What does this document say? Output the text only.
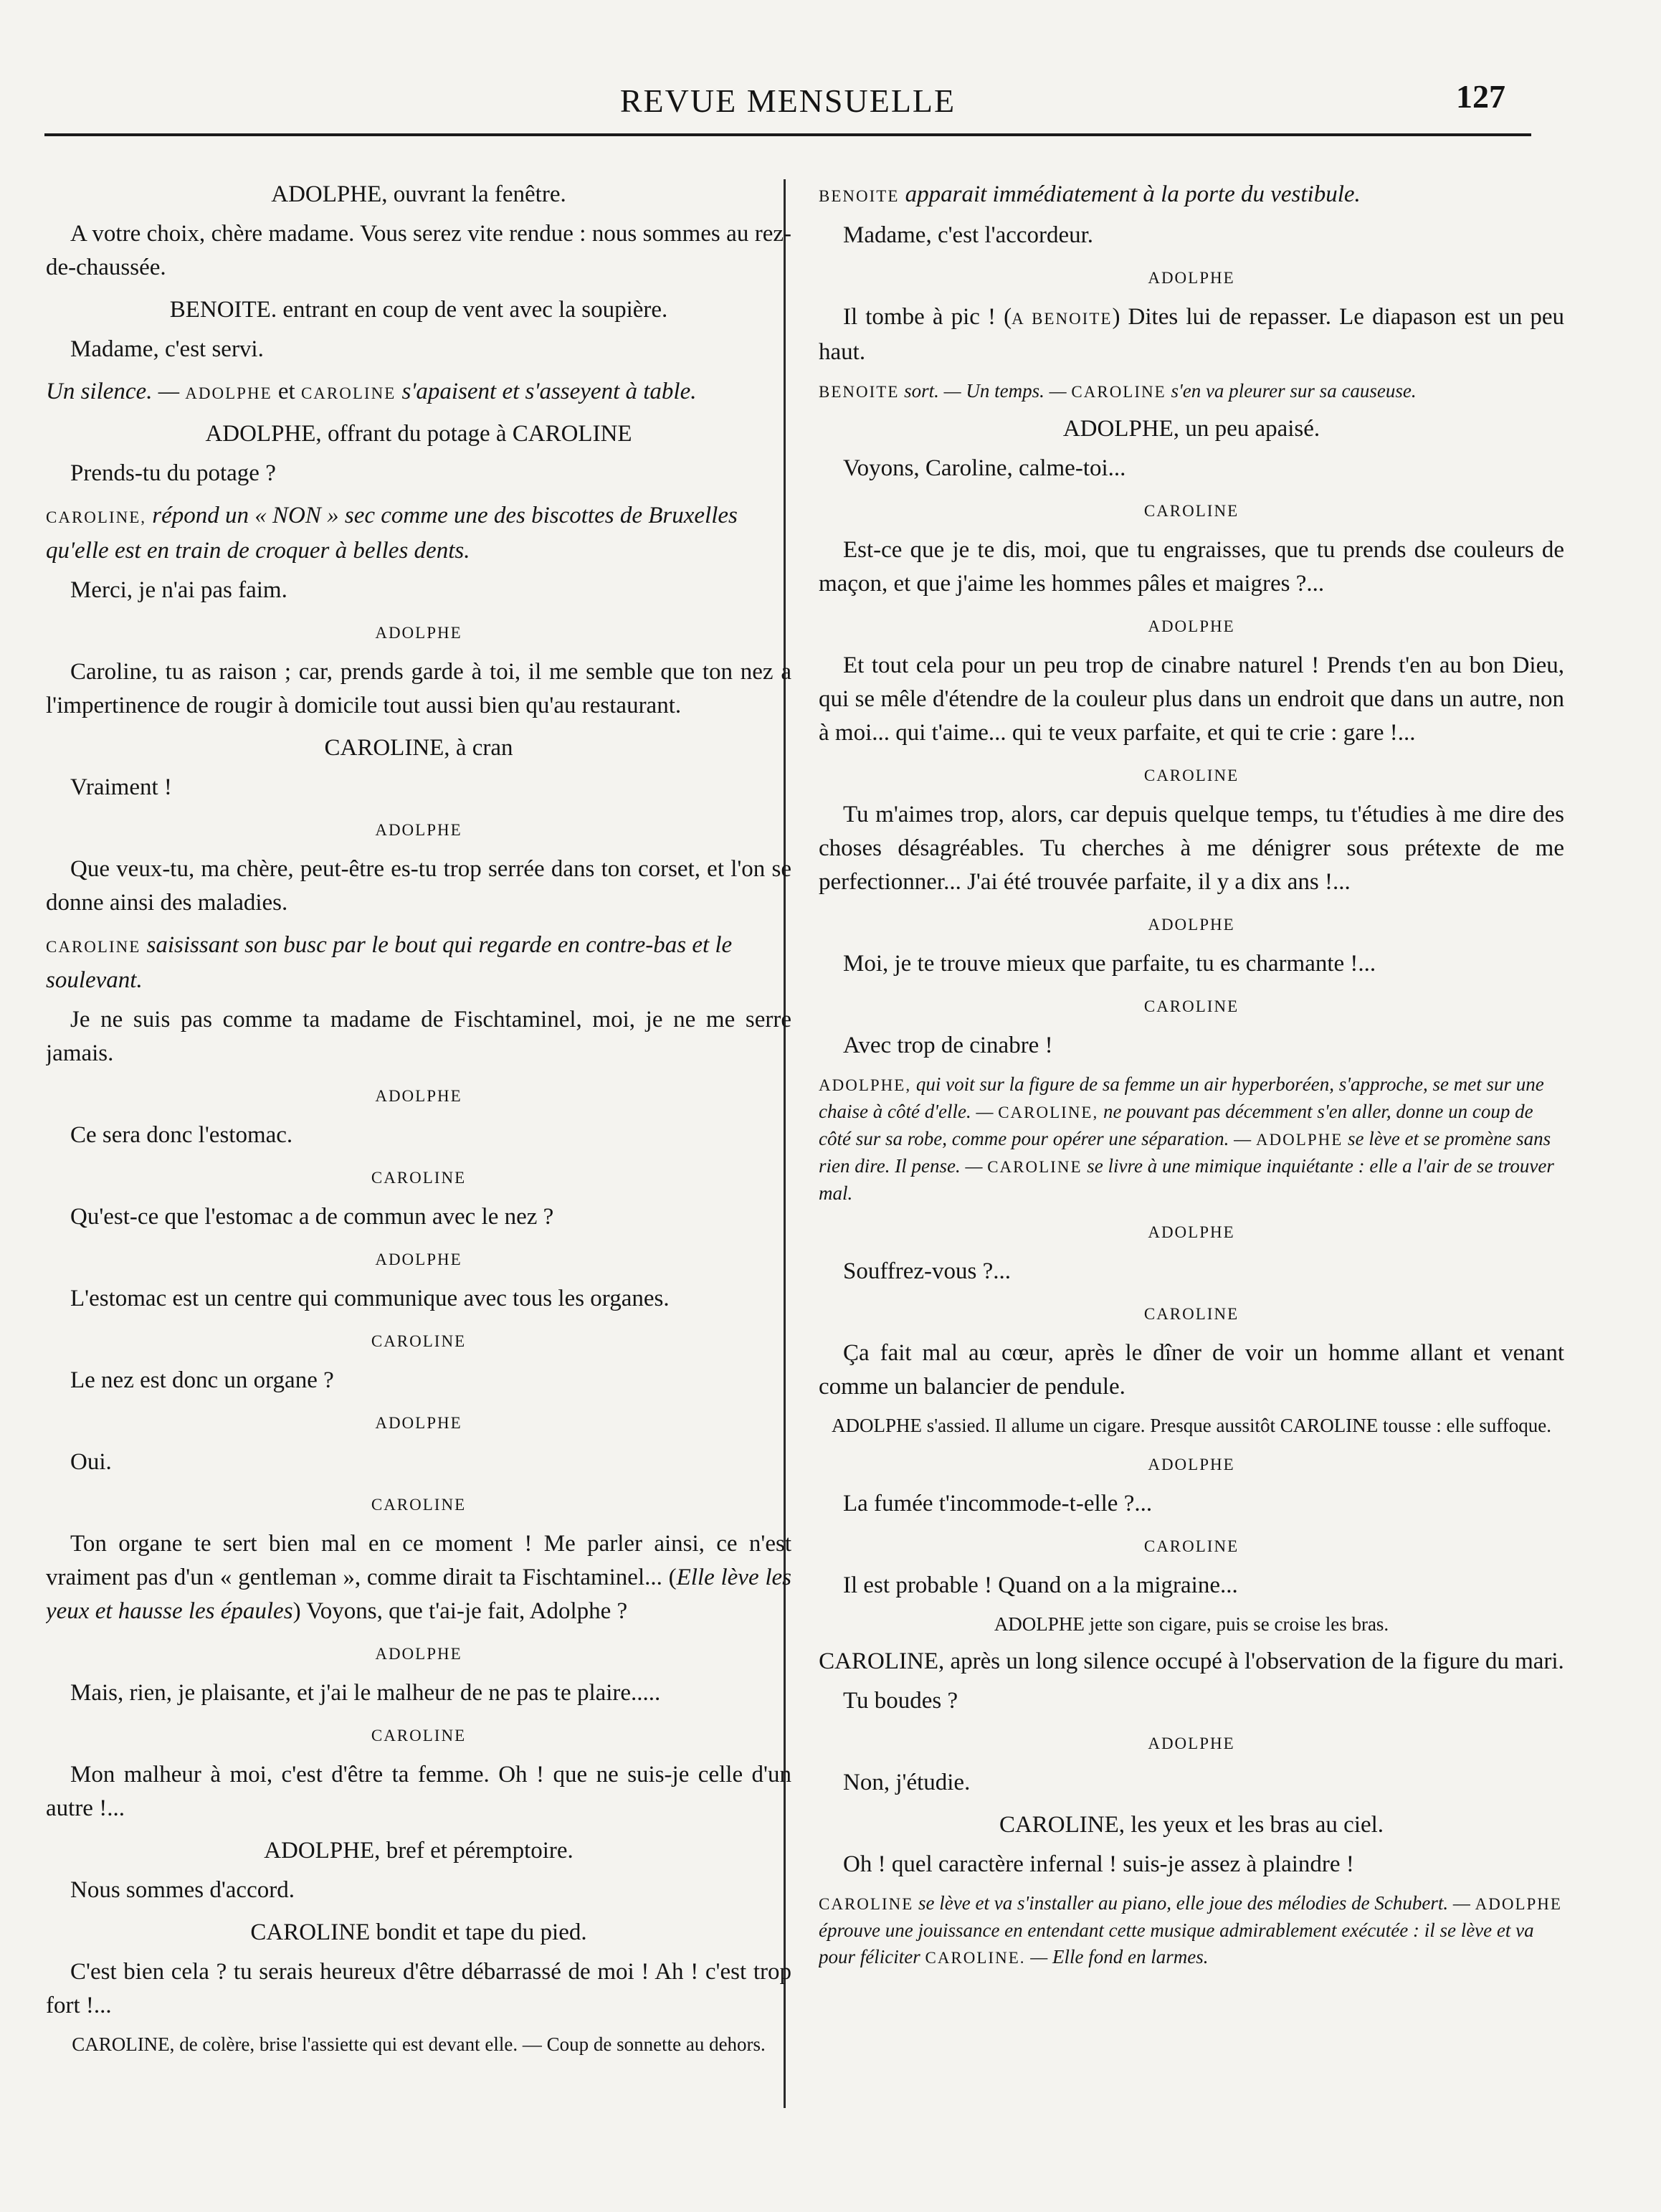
REVUE MENSUELLE	127
ADOLPHE, ouvrant la fenêtre.

A votre choix, chère madame. Vous serez vite rendue : nous sommes au rez-de-chaussée.

BENOITE. entrant en coup de vent avec la soupière.

Madame, c'est servi.

Un silence. — ADOLPHE et CAROLINE s'apaisent et s'asseyent à table.
ADOLPHE, offrant du potage à CAROLINE

Prends-tu du potage ?

CAROLINE, répond un « NON » sec comme une des biscottes de Bruxelles qu'elle est en train de croquer à belles dents.

Merci, je n'ai pas faim.

ADOLPHE

Caroline, tu as raison ; car, prends garde à toi, il me semble que ton nez a l'impertinence de rougir à domicile tout aussi bien qu'au restaurant.

CAROLINE, à cran

Vraiment !

ADOLPHE

Que veux-tu, ma chère, peut-être es-tu trop serrée dans ton corset, et l'on se donne ainsi des maladies.

CAROLINE saisissant son busc par le bout qui regarde en contre-bas et le soulevant.

Je ne suis pas comme ta madame de Fischtaminel, moi, je ne me serre jamais.

ADOLPHE

Ce sera donc l'estomac.

CAROLINE

Qu'est-ce que l'estomac a de commun avec le nez ?

ADOLPHE

L'estomac est un centre qui communique avec tous les organes.

CAROLINE

Le nez est donc un organe ?

ADOLPHE

Oui.

CAROLINE

Ton organe te sert bien mal en ce moment ! Me parler ainsi, ce n'est vraiment pas d'un « gentleman », comme dirait ta Fischtaminel... (Elle lève les yeux et hausse les épaules) Voyons, que t'ai-je fait, Adolphe ?

ADOLPHE

Mais, rien, je plaisante, et j'ai le malheur de ne pas te plaire.....

CAROLINE

Mon malheur à moi, c'est d'être ta femme. Oh ! que ne suis-je celle d'un autre !...

ADOLPHE, bref et péremptoire.

Nous sommes d'accord.

CAROLINE bondit et tape du pied.

C'est bien cela ? tu serais heureux d'être débarrassé de moi ! Ah ! c'est trop fort !...

CAROLINE, de colère, brise l'assiette qui est devant elle. — Coup de sonnette au dehors.
BENOITE apparait immédiatement à la porte du vestibule.

Madame, c'est l'accordeur.

ADOLPHE

Il tombe à pic ! (A BENOITE) Dites lui de repasser. Le diapason est un peu haut.

BENOITE sort. — Un temps. — CAROLINE s'en va pleurer sur sa causeuse.
ADOLPHE, un peu apaisé.

Voyons, Caroline, calme-toi...

CAROLINE

Est-ce que je te dis, moi, que tu engraisses, que tu prends dse couleurs de maçon, et que j'aime les hommes pâles et maigres ?...

ADOLPHE

Et tout cela pour un peu trop de cinabre naturel ! Prends t'en au bon Dieu, qui se mêle d'étendre de la couleur plus dans un endroit que dans un autre, non à moi... qui t'aime... qui te veux parfaite, et qui te crie : gare !...

CAROLINE

Tu m'aimes trop, alors, car depuis quelque temps, tu t'étudies à me dire des choses désagréables. Tu cherches à me dénigrer sous prétexte de me perfectionner... J'ai été trouvée parfaite, il y a dix ans !...

ADOLPHE

Moi, je te trouve mieux que parfaite, tu es charmante !...

CAROLINE

Avec trop de cinabre !

ADOLPHE, qui voit sur la figure de sa femme un air hyperboréen, s'approche, se met sur une chaise à côté d'elle. — CAROLINE, ne pouvant pas décemment s'en aller, donne un coup de côté sur sa robe, comme pour opérer une séparation. — ADOLPHE se lève et se promène sans rien dire. Il pense. — CAROLINE se livre à une mimique inquiétante : elle a l'air de se trouver mal.
ADOLPHE

Souffrez-vous ?...

CAROLINE

Ça fait mal au cœur, après le dîner de voir un homme allant et venant comme un balancier de pendule.

ADOLPHE s'assied. Il allume un cigare. Presque aussitôt CAROLINE tousse : elle suffoque.
ADOLPHE

La fumée t'incommode-t-elle ?...

CAROLINE

Il est probable ! Quand on a la migraine...

ADOLPHE jette son cigare, puis se croise les bras.
CAROLINE, après un long silence occupé à l'observation de la figure du mari.

Tu boudes ?

ADOLPHE

Non, j'étudie.

CAROLINE, les yeux et les bras au ciel.

Oh ! quel caractère infernal ! suis-je assez à plaindre !

CAROLINE se lève et va s'installer au piano, elle joue des mélodies de Schubert. — ADOLPHE éprouve une jouissance en entendant cette musique admirablement exécutée : il se lève et va pour féliciter CAROLINE. — Elle fond en larmes.
